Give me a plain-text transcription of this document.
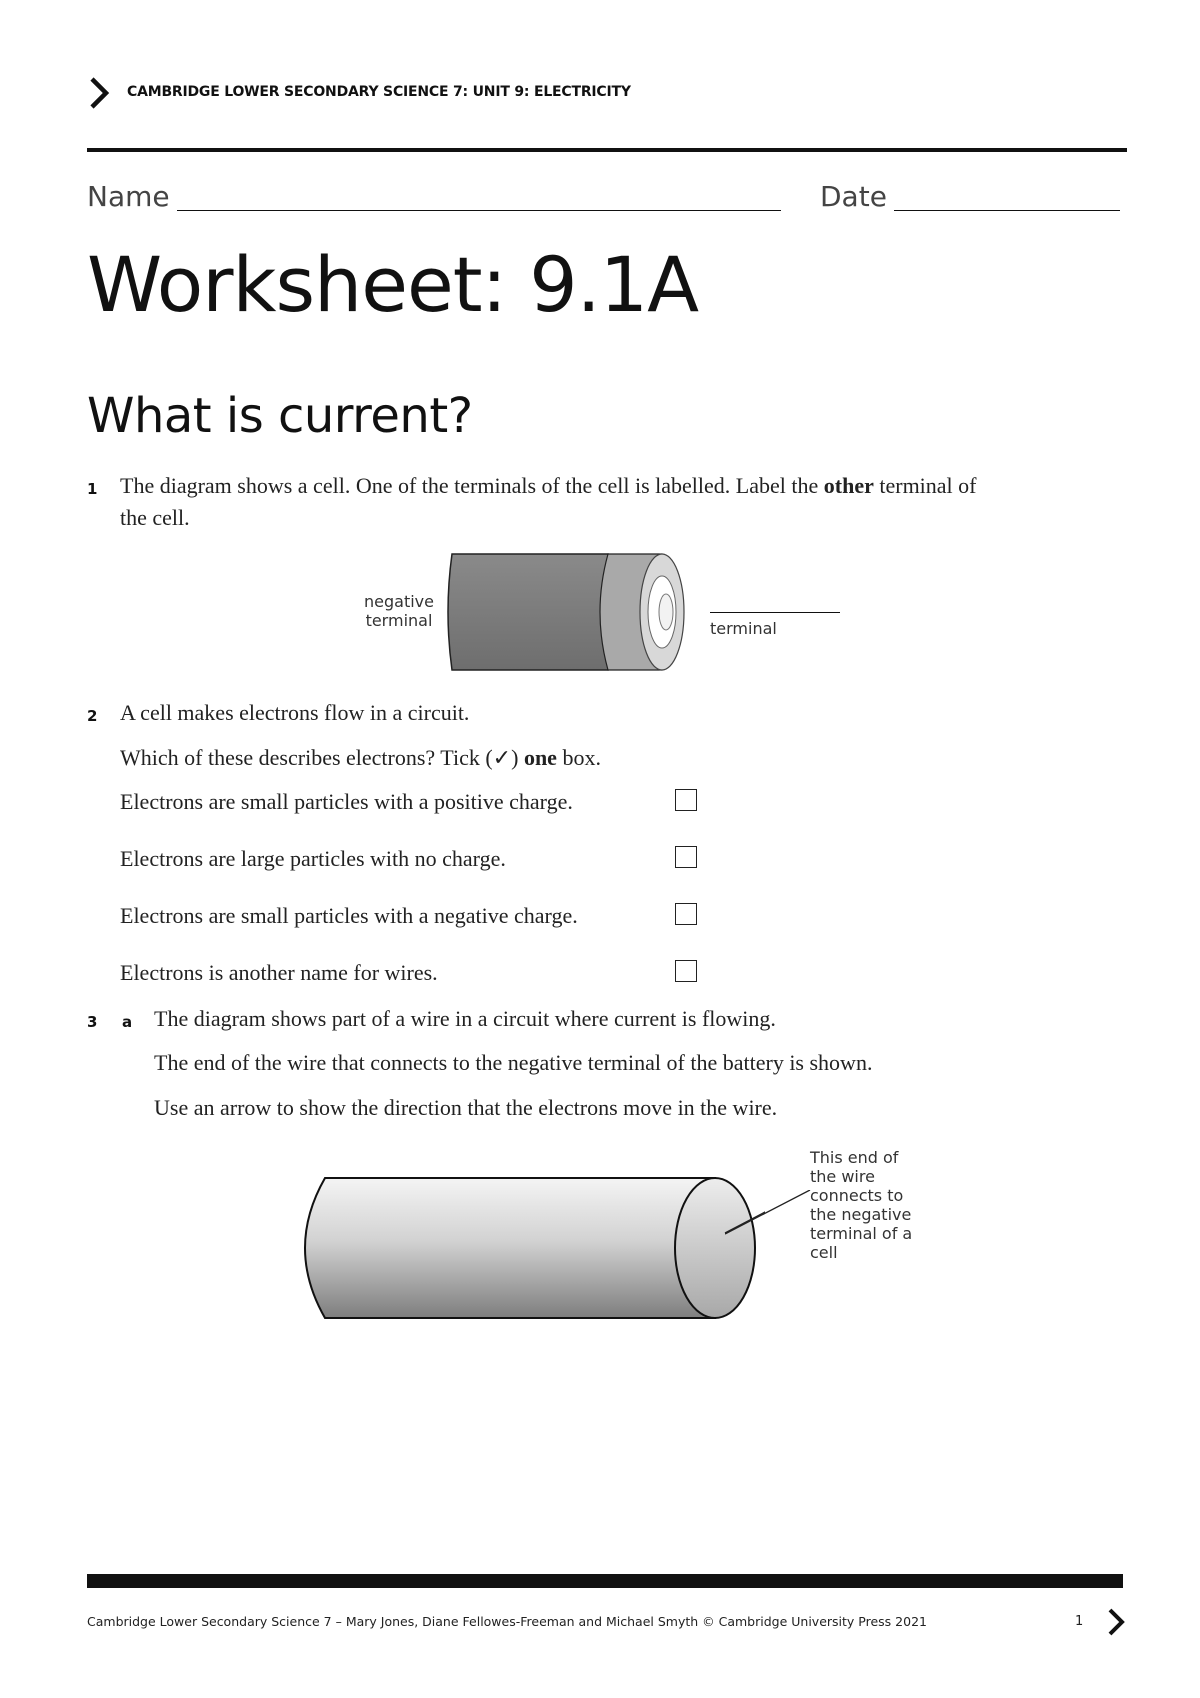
CAMBRIDGE LOWER SECONDARY SCIENCE 7: UNIT 9: ELECTRICITY
Name	Date
Worksheet: 9.1A
What is current?
1 The diagram shows a cell. One of the terminals of the cell is labelled. Label the other terminal of
the cell.
negative
terminal	terminal
2 A cell makes electrons flow in a circuit.
Which of these describes electrons? Tick (✓) one box.
Electrons are small particles with a positive charge.
Electrons are large particles with no charge.
Electrons are small particles with a negative charge.
Electrons is another name for wires.
3 a The diagram shows part of a wire in a circuit where current is flowing.
The end of the wire that connects to the negative terminal of the battery is shown.
Use an arrow to show the direction that the electrons move in the wire.
This end of
the wire
connects to
the negative
terminal of a
cell
Cambridge Lower Secondary Science 7 – Mary Jones, Diane Fellowes-Freeman and Michael Smyth © Cambridge University Press 2021	1
